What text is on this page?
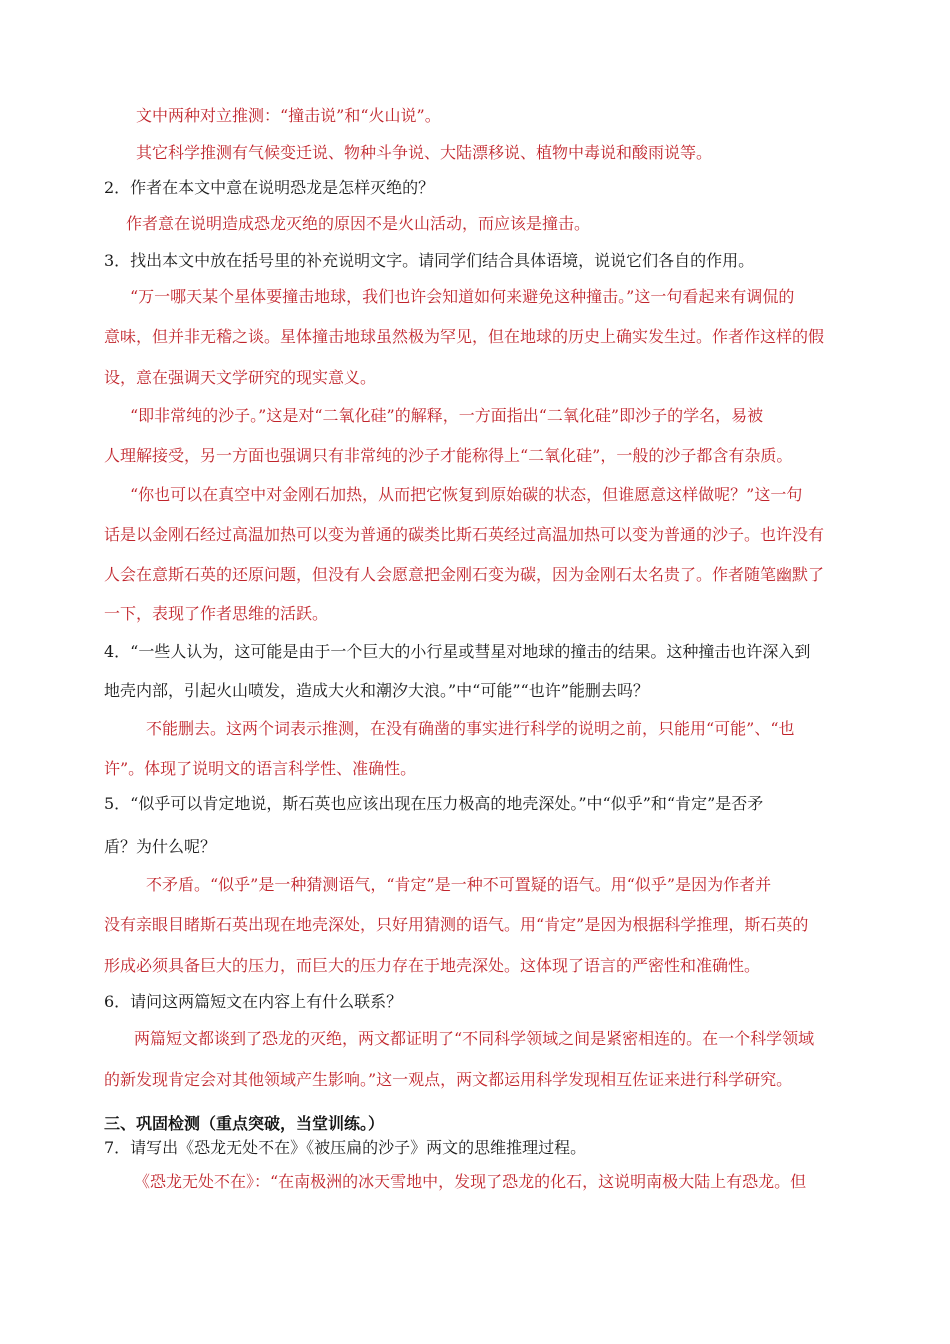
文中两种对立推测：“撞击说”和“火山说”。

其它科学推测有气候变迁说、物种斗争说、大陆漂移说、植物中毒说和酸雨说等。

2．作者在本文中意在说明恐龙是怎样灭绝的？

作者意在说明造成恐龙灭绝的原因不是火山活动，而应该是撞击。

3．找出本文中放在括号里的补充说明文字。请同学们结合具体语境，说说它们各自的作用。

“万一哪天某个星体要撞击地球，我们也许会知道如何来避免这种撞击。”这一句看起来有调侃的

意味，但并非无稽之谈。星体撞击地球虽然极为罕见，但在地球的历史上确实发生过。作者作这样的假

设，意在强调天文学研究的现实意义。

“即非常纯的沙子。”这是对“二氧化硅”的解释，一方面指出“二氧化硅”即沙子的学名，易被

人理解接受，另一方面也强调只有非常纯的沙子才能称得上“二氧化硅”，一般的沙子都含有杂质。

“你也可以在真空中对金刚石加热，从而把它恢复到原始碳的状态，但谁愿意这样做呢？”这一句

话是以金刚石经过高温加热可以变为普通的碳类比斯石英经过高温加热可以变为普通的沙子。也许没有

人会在意斯石英的还原问题，但没有人会愿意把金刚石变为碳，因为金刚石太名贵了。作者随笔幽默了

一下，表现了作者思维的活跃。

4．“一些人认为，这可能是由于一个巨大的小行星或彗星对地球的撞击的结果。这种撞击也许深入到

地壳内部，引起火山喷发，造成大火和潮汐大浪。”中“可能”“也许”能删去吗？

不能删去。这两个词表示推测，在没有确凿的事实进行科学的说明之前，只能用“可能”、“也

许”。体现了说明文的语言科学性、准确性。

5．“似乎可以肯定地说，斯石英也应该出现在压力极高的地壳深处。”中“似乎”和“肯定”是否矛

盾？为什么呢？

不矛盾。“似乎”是一种猜测语气，“肯定”是一种不可置疑的语气。用“似乎”是因为作者并

没有亲眼目睹斯石英出现在地壳深处，只好用猜测的语气。用“肯定”是因为根据科学推理，斯石英的

形成必须具备巨大的压力，而巨大的压力存在于地壳深处。这体现了语言的严密性和准确性。

6．请问这两篇短文在内容上有什么联系？

两篇短文都谈到了恐龙的灭绝，两文都证明了“不同科学领域之间是紧密相连的。在一个科学领域

的新发现肯定会对其他领域产生影响。”这一观点，两文都运用科学发现相互佐证来进行科学研究。

三、巩固检测（重点突破，当堂训练。）

7．请写出《恐龙无处不在》《被压扁的沙子》两文的思维推理过程。

《恐龙无处不在》：“在南极洲的冰天雪地中，发现了恐龙的化石，这说明南极大陆上有恐龙。但
